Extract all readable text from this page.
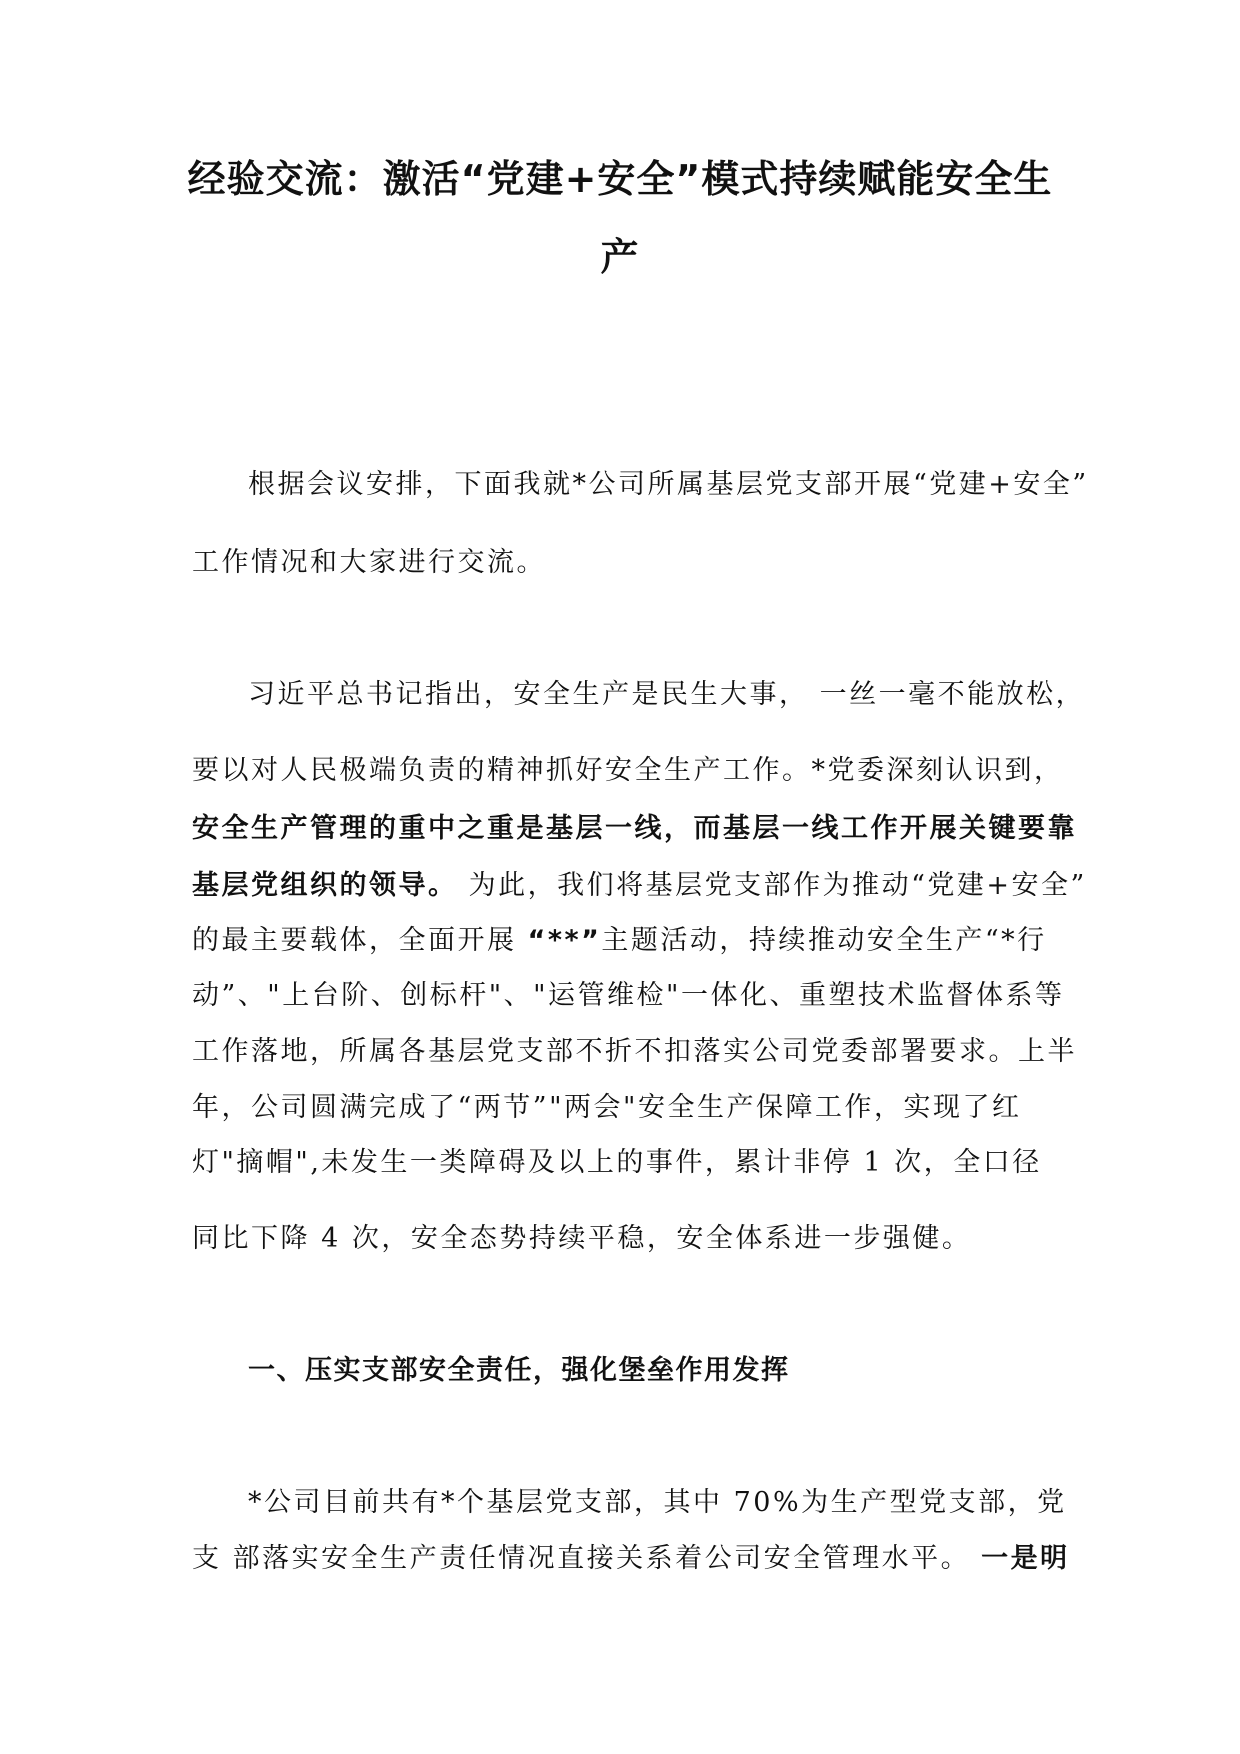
经验交流：激活“党建+安全”模式持续赋能安全生
产
根据会议安排，下面我就*公司所属基层党支部开展“党建+安全”
工作情况和大家进行交流。
习近平总书记指出，安全生产是民生大事， 一丝一毫不能放松，
要以对人民极端负责的精神抓好安全生产工作。*党委深刻认识到，
安全生产管理的重中之重是基层一线，而基层一线工作开展关键要靠
基层党组织的领导。 为此，我们将基层党支部作为推动“党建+安全”
的最主要载体，全面开展 “**”主题活动，持续推动安全生产“*行
动”、"上台阶、创标杆"、"运管维检"一体化、重塑技术监督体系等
工作落地，所属各基层党支部不折不扣落实公司党委部署要求。上半
年，公司圆满完成了“两节”"两会"安全生产保障工作，实现了红
灯"摘帽",未发生一类障碍及以上的事件，累计非停 1 次，全口径
同比下降 4 次，安全态势持续平稳，安全体系进一步强健。
一、压实支部安全责任，强化堡垒作用发挥
*公司目前共有*个基层党支部，其中 70%为生产型党支部，党
支 部落实安全生产责任情况直接关系着公司安全管理水平。 一是明
